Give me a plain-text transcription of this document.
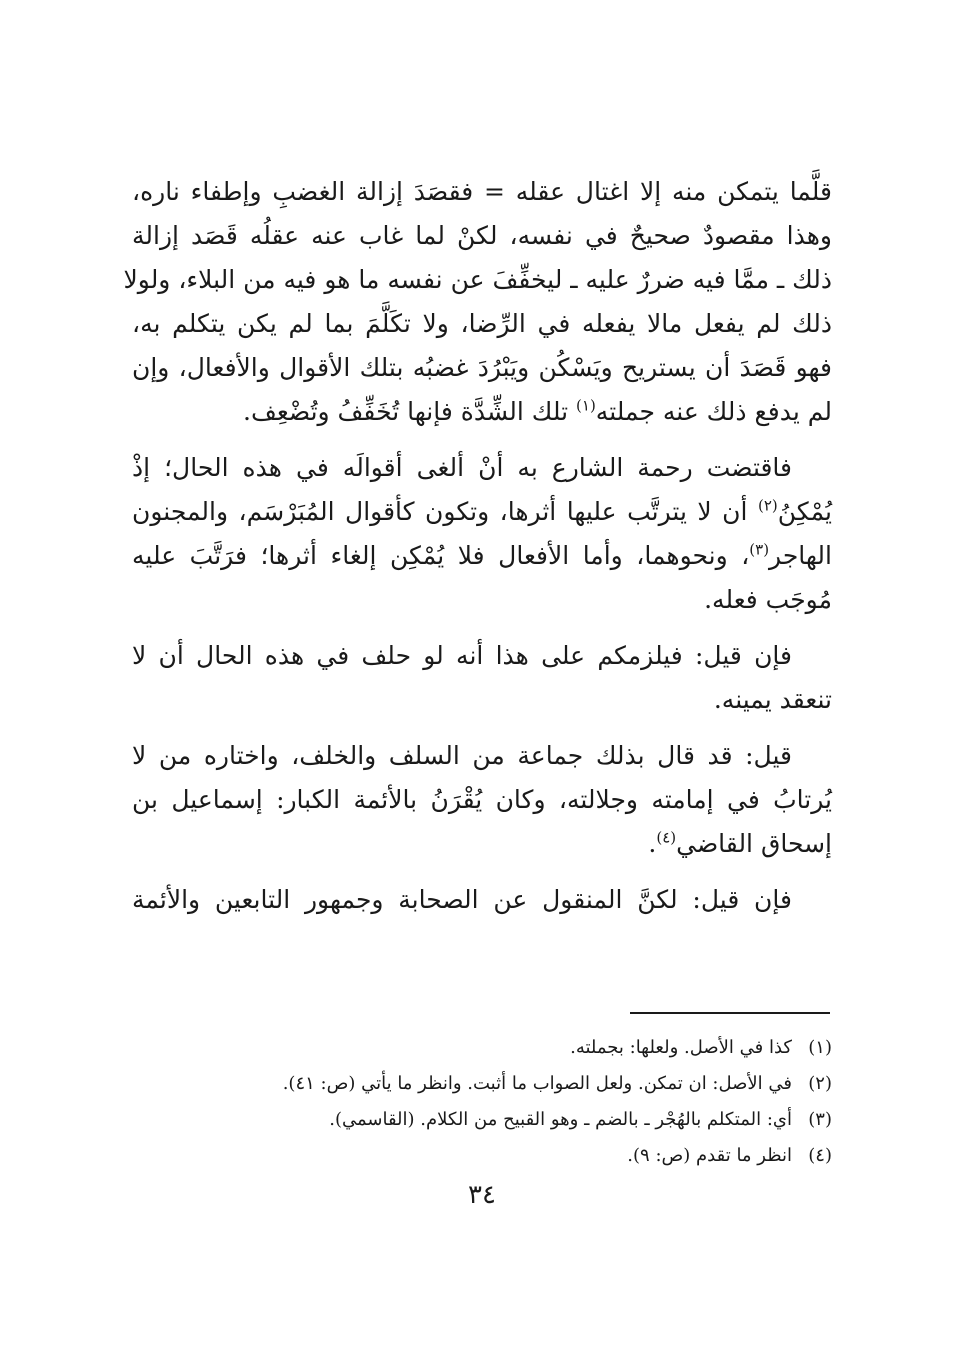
قلَّما يتمكن منه إلا اغتال عقله = فقصَدَ إزالة الغضبِ وإطفاء ناره،
وهذا مقصودٌ صحيحٌ في نفسه، لكنْ لما غاب عنه عقلُه قَصَد إزالة
ذلك ـ ممَّا فيه ضررٌ عليه ـ ليخفِّفَ عن نفسه ما هو فيه من البلاء، ولولا
ذلك لم يفعل مالا يفعله في الرِّضا، ولا تكَلَّمَ بما لم يكن يتكلم به،
فهو قَصَدَ أن يستريح ويَسْكُن ويَبْرُدَ غضبُه بتلك الأقوال والأفعال، وإن
لم يدفع ذلك عنه جملته$^{(١)}$ تلك الشِّدَّة فإنها تُخَفِّفُ وتُضْعِف.
فاقتضت رحمة الشارع به أنْ ألغى أقوالَه في هذه الحال؛ إذْ
يُمْكِنُ$^{(٢)}$ أن لا يترتَّب عليها أثرها، وتكون كأقوال المُبَرْسَم، والمجنون
الهاجر$^{(٣)}$، ونحوهما، وأما الأفعال فلا يُمْكِن إلغاء أثرها؛ فرَتَّبَ عليه
مُوجَب فعله.
فإن قيل: فيلزمكم على هذا أنه لو حلف في هذه الحال أن لا
تنعقد يمينه.
قيل: قد قال بذلك جماعة من السلف والخلف، واختاره من لا
يُرتابُ في إمامته وجلالته، وكان يُقْرَنُ بالأئمة الكبار: إسماعيل بن
إسحاق القاضي$^{(٤)}$.
فإن قيل: لكنَّ المنقول عن الصحابة وجمهور التابعين والأئمة
(١)كذا في الأصل. ولعلها: بجملته.
(٢)في الأصل: ان تمكن. ولعل الصواب ما أثبت. وانظر ما يأتي (ص: ٤١).
(٣)أي: المتكلم بالهُجْر ـ بالضم ـ وهو القبيح من الكلام. (القاسمي).
(٤)انظر ما تقدم (ص: ٩).
٣٤
